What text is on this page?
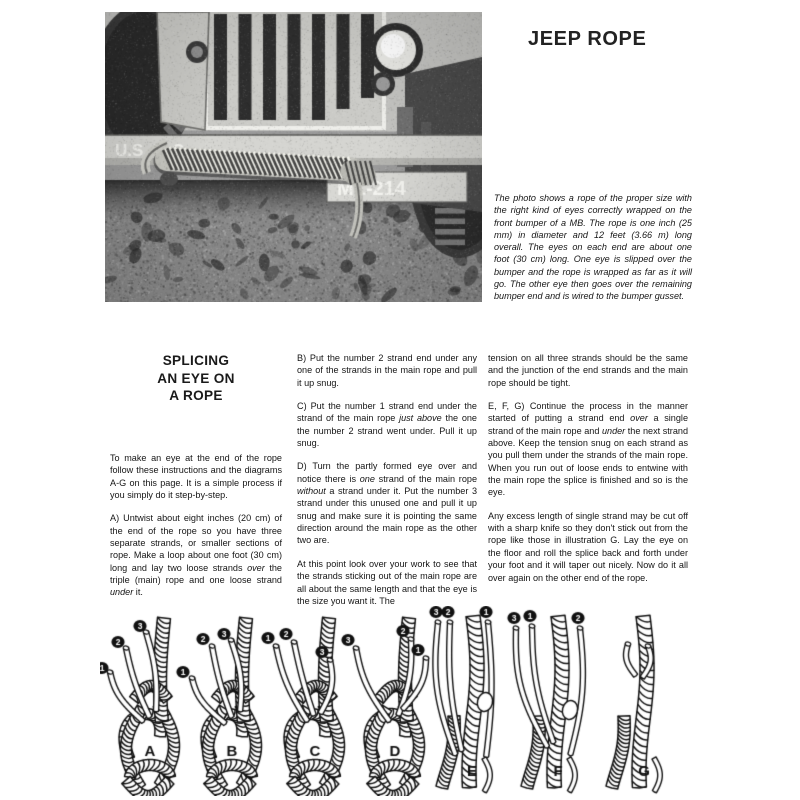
JEEP ROPE
The photo shows a rope of the proper size with the right kind of eyes correctly wrapped on the front bumper of a MB. The rope is one inch (25 mm) in diameter and 12 feet (3.66 m) long overall. The eyes on each end are about one foot (30 cm) long. One eye is slipped over the bumper and the rope is wrapped as far as it will go. The other eye then goes over the remaining bumper end and is wired to the bumper gusset.
SPLICING
AN EYE ON
A ROPE

To make an eye at the end of the rope follow these instructions and the diagrams A-G on this page. It is a simple process if you simply do it step-by-step.

A) Untwist about eight inches (20 cm) of the end of the rope so you have three separate strands, or smaller sections of rope. Make a loop about one foot (30 cm) long and lay two loose strands over the triple (main) rope and one loose strand under it.

B) Put the number 2 strand end under any one of the strands in the main rope and pull it up snug.

C) Put the number 1 strand end under the strand of the main rope just above the one the number 2 strand went under. Pull it up snug.

D) Turn the partly formed eye over and notice there is one strand of the main rope without a strand under it. Put the number 3 strand under this unused one and pull it up snug and make sure it is pointing the same direction around the main rope as the other two are.

At this point look over your work to see that the strands sticking out of the main rope are all about the same length and that the eye is the size you want it. The

tension on all three strands should be the same and the junction of the end strands and the main rope should be tight.

E, F, G) Continue the process in the manner started of putting a strand end over a single strand of the main rope and under the next strand above. Keep the tension snug on each strand as you pull them under the strands of the main rope. When you run out of loose ends to entwine with the main rope the splice is finished and so is the eye.

Any excess length of single strand may be cut off with a sharp knife so they don't stick out from the rope like those in illustration G. Lay the eye on the floor and roll the splice back and forth under your foot and it will taper out nicely. Now do it all over again on the other end of the rope.
